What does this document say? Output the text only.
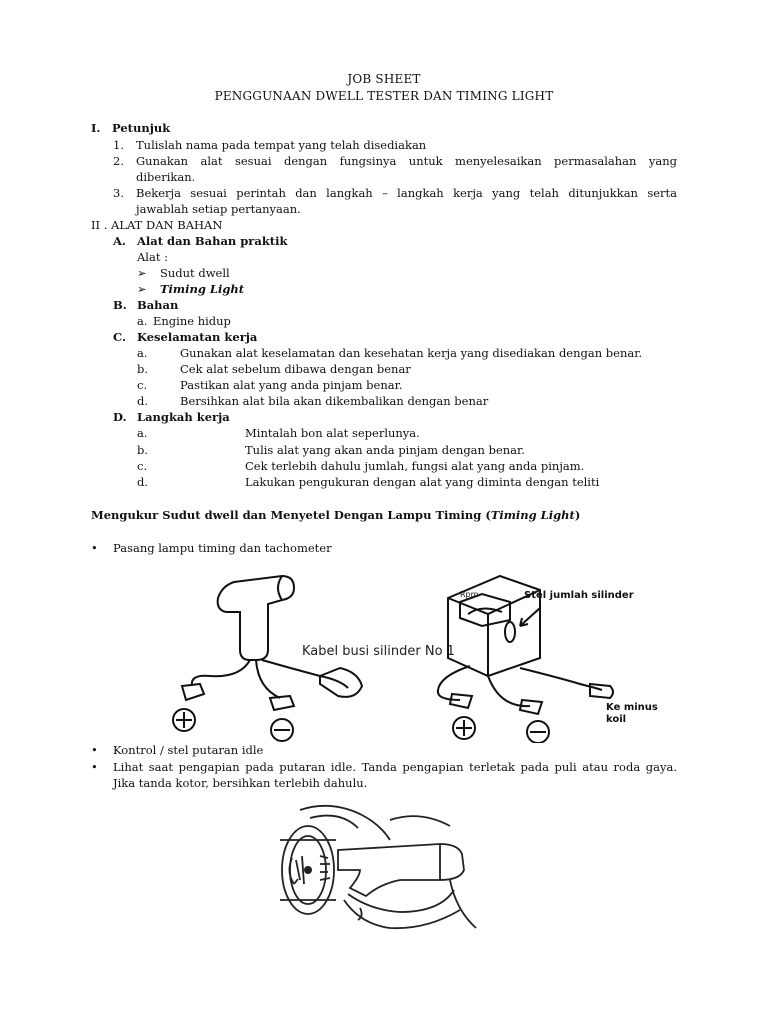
JOB SHEET
PENGGUNAAN DWELL TESTER DAN TIMING LIGHT
I. Petunjuk
1. Tulislah nama pada tempat yang telah disediakan
2. Gunakan alat sesuai dengan fungsinya untuk menyelesaikan permasalahan yang
diberikan.
3. Bekerja sesuai perintah dan langkah – langkah kerja yang telah ditunjukkan serta
jawablah setiap pertanyaan.
II . ALAT DAN BAHAN
A. Alat dan Bahan praktik
Alat :
➢ Sudut dwell
➢ Timing Light
B. Bahan
a. Engine hidup
C. Keselamatan kerja
a.	Gunakan alat keselamatan dan kesehatan kerja yang disediakan dengan benar.
b.	Cek alat sebelum dibawa dengan benar
c.	Pastikan alat yang anda pinjam benar.
d.	Bersihkan alat bila akan dikembalikan dengan benar
D. Langkah kerja
a.	Mintalah bon alat seperlunya.
b.	Tulis alat yang akan anda pinjam dengan benar.
c.	Cek terlebih dahulu jumlah, fungsi alat yang anda pinjam.
d.	Lakukan pengukuran dengan alat yang diminta dengan teliti
Mengukur Sudut dwell dan Menyetel Dengan Lampu Timing (Timing Light)
• Pasang lampu timing dan tachometer
Kabel busi silinder No 1
Stel jumlah silinder
Ke minus
koil
Rpm
• Kontrol / stel putaran idle
• Lihat saat pengapian pada putaran idle. Tanda pengapian terletak pada puli atau roda gaya.
Jika tanda kotor, bersihkan terlebih dahulu.
